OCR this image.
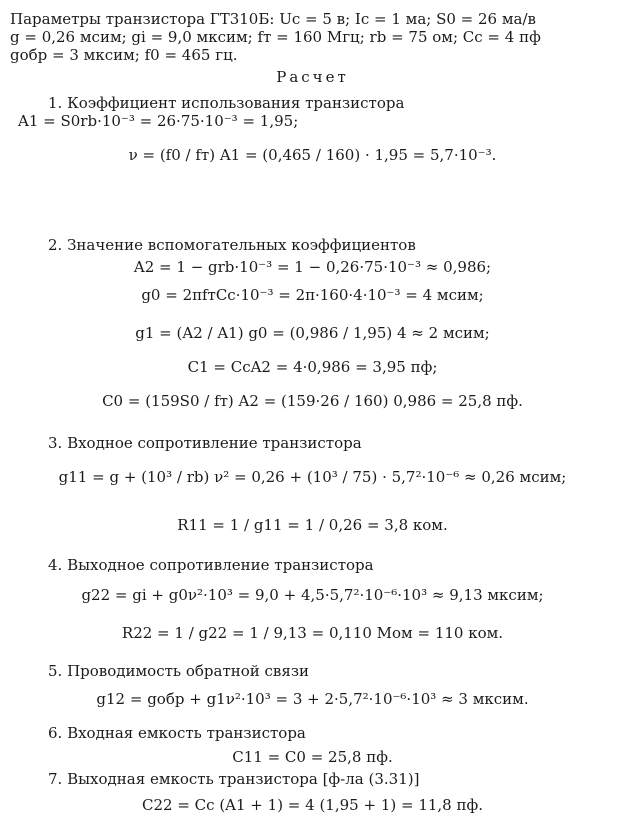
Параметры транзистора ГТ310Б: Uc = 5 в; Ic = 1 ма; S0 = 26 ма/в
g = 0,26 мсим; gi = 9,0 мксим; fт = 160 Мгц; rb = 75 ом; Cc = 4 пф
gобр = 3 мксим; f0 = 465 гц.
Расчет
1. Коэффициент использования транзистора
A1 = S0rb·10⁻³ = 26·75·10⁻³ = 1,95;
ν = (f0 / fт) A1 = (0,465 / 160) · 1,95 = 5,7·10⁻³.
2. Значение вспомогательных коэффициентов
A2 = 1 − grb·10⁻³ = 1 − 0,26·75·10⁻³ ≈ 0,986;
g0 = 2πfтCc·10⁻³ = 2π·160·4·10⁻³ = 4 мсим;
g1 = (A2 / A1) g0 = (0,986 / 1,95) 4 ≈ 2 мсим;
C1 = CcA2 = 4·0,986 = 3,95 пф;
C0 = (159S0 / fт) A2 = (159·26 / 160) 0,986 = 25,8 пф.
3. Входное сопротивление транзистора
g11 = g + (10³ / rb) ν² = 0,26 + (10³ / 75) · 5,7²·10⁻⁶ ≈ 0,26 мсим;
R11 = 1 / g11 = 1 / 0,26 = 3,8 ком.
4. Выходное сопротивление транзистора
g22 = gi + g0ν²·10³ = 9,0 + 4,5·5,7²·10⁻⁶·10³ ≈ 9,13 мксим;
R22 = 1 / g22 = 1 / 9,13 = 0,110 Мом = 110 ком.
5. Проводимость обратной связи
g12 = gобр + g1ν²·10³ = 3 + 2·5,7²·10⁻⁶·10³ ≈ 3 мксим.
6. Входная емкость транзистора
C11 = C0 = 25,8 пф.
7. Выходная емкость транзистора [ф-ла (3.31)]
C22 = Cc (A1 + 1) = 4 (1,95 + 1) = 11,8 пф.
